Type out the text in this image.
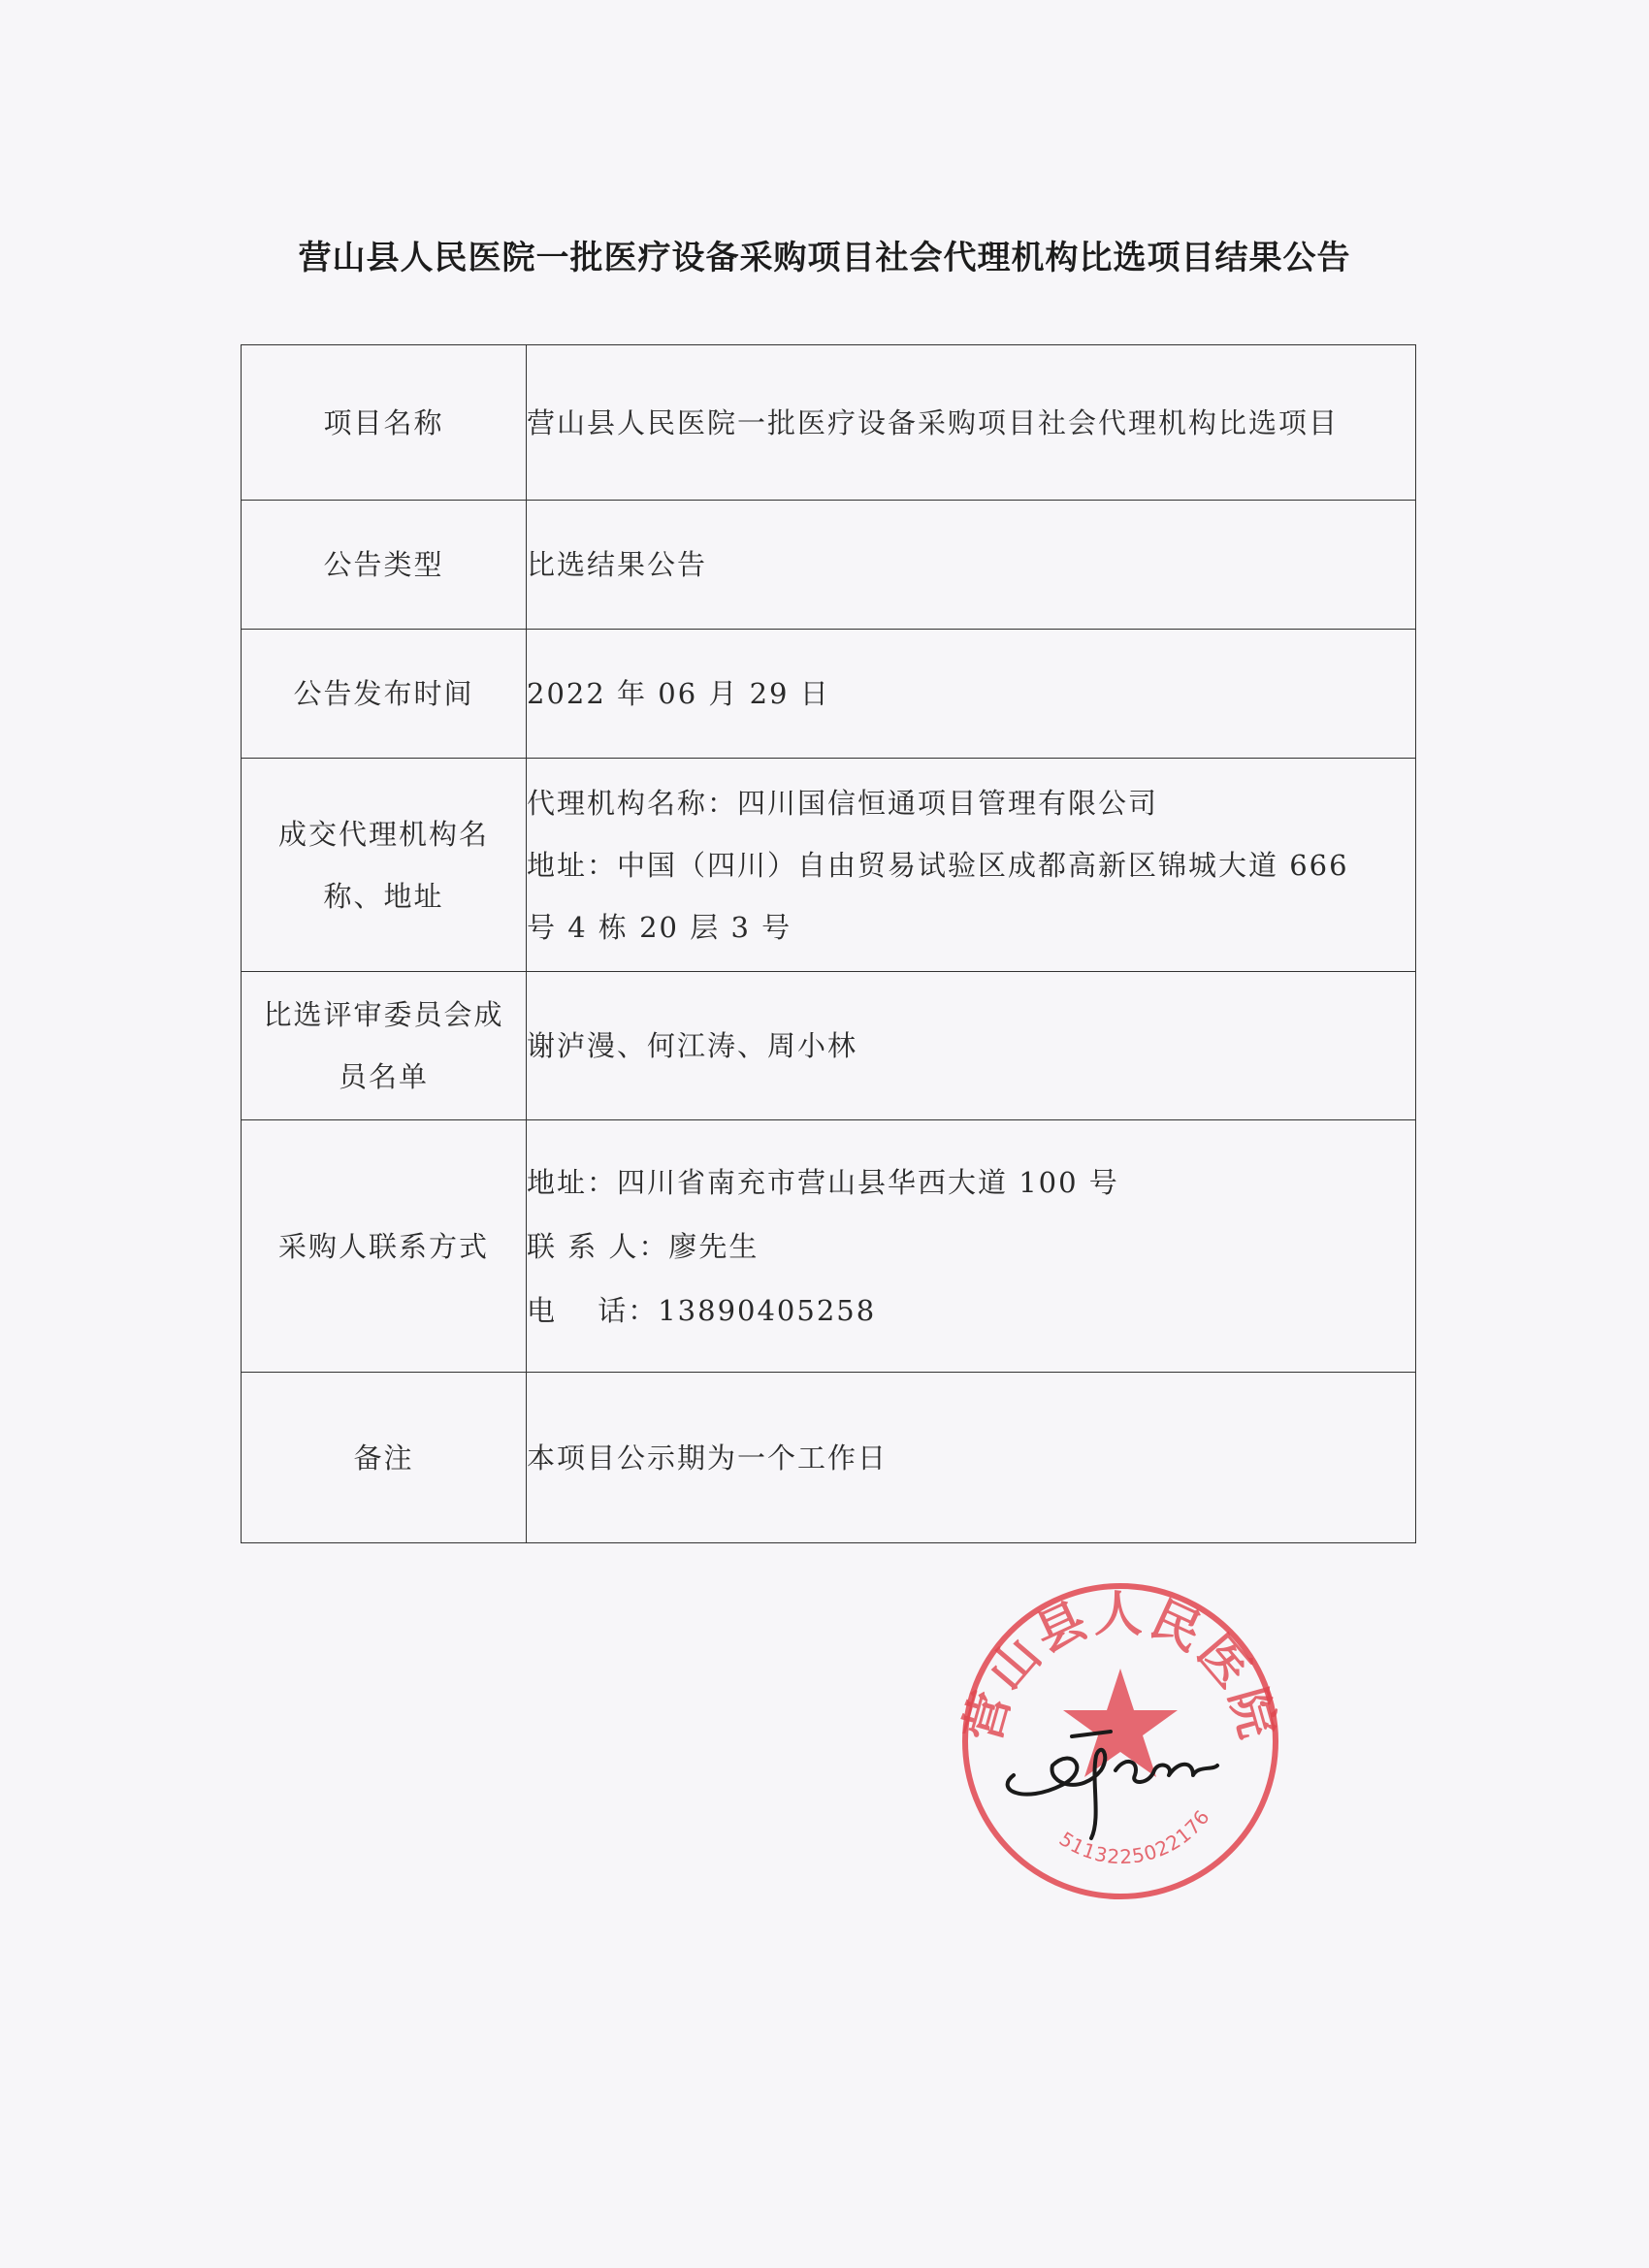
营山县人民医院一批医疗设备采购项目社会代理机构比选项目结果公告
项目名称	营山县人民医院一批医疗设备采购项目社会代理机构比选项目

公告类型	比选结果公告

公告发布时间	2022 年 06 月 29 日

成交代理机构名称、地址	代理机构名称：四川国信恒通项目管理有限公司
地址：中国（四川）自由贸易试验区成都高新区锦城大道 666
号 4 栋 20 层 3 号

比选评审委员会成员名单	谢泸漫、何江涛、周小林

采购人联系方式	地址：四川省南充市营山县华西大道 100 号
联 系 人：廖先生
电　 话：13890405258

备注	本项目公示期为一个工作日
营山县人民医院
5113225022176
